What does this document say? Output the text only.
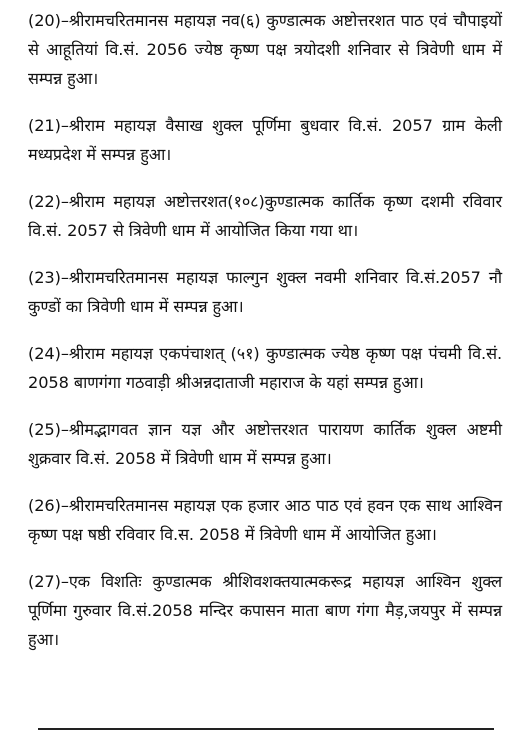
(20)–श्रीरामचरितमानस महायज्ञ नव(६) कुण्डात्मक अष्टोत्तरशत पाठ एवं चौपाइयों से आहूतियां वि.सं. 2056 ज्येष्ठ कृष्ण पक्ष त्रयोदशी शनिवार से त्रिवेणी धाम में सम्पन्न हुआ।

(21)–श्रीराम महायज्ञ वैसाख शुक्ल पूर्णिमा बुधवार वि.सं. 2057 ग्राम केली मध्यप्रदेश में सम्पन्न हुआ।

(22)–श्रीराम महायज्ञ अष्टोत्तरशत(१०८)कुण्डात्मक कार्तिक कृष्ण दशमी रविवार वि.सं. 2057 से त्रिवेणी धाम में आयोजित किया गया था।

(23)–श्रीरामचरितमानस महायज्ञ फाल्गुन शुक्ल नवमी शनिवार वि.सं.2057 नौ कुण्डों का त्रिवेणी धाम में सम्पन्न हुआ।

(24)–श्रीराम महायज्ञ एकपंचाशत् (५१) कुण्डात्मक ज्येष्ठ कृष्ण पक्ष पंचमी वि.सं. 2058 बाणगंगा गठवाड़ी श्रीअन्नदाताजी महाराज के यहां सम्पन्न हुआ।

(25)–श्रीमद्भागवत ज्ञान यज्ञ और अष्टोत्तरशत पारायण कार्तिक शुक्ल अष्टमी शुक्रवार वि.सं. 2058 में त्रिवेणी धाम में सम्पन्न हुआ।

(26)–श्रीरामचरितमानस महायज्ञ एक हजार आठ पाठ एवं हवन एक साथ आश्विन कृष्ण पक्ष षष्ठी रविवार वि.स. 2058 में त्रिवेणी धाम में आयोजित हुआ।

(27)–एक विशतिः कुण्डात्मक श्रीशिवशक्तयात्मकरूद्र महायज्ञ आश्विन शुक्ल पूर्णिमा गुरुवार वि.सं.2058 मन्दिर कपासन माता बाण गंगा मैड़,जयपुर में सम्पन्न हुआ।
